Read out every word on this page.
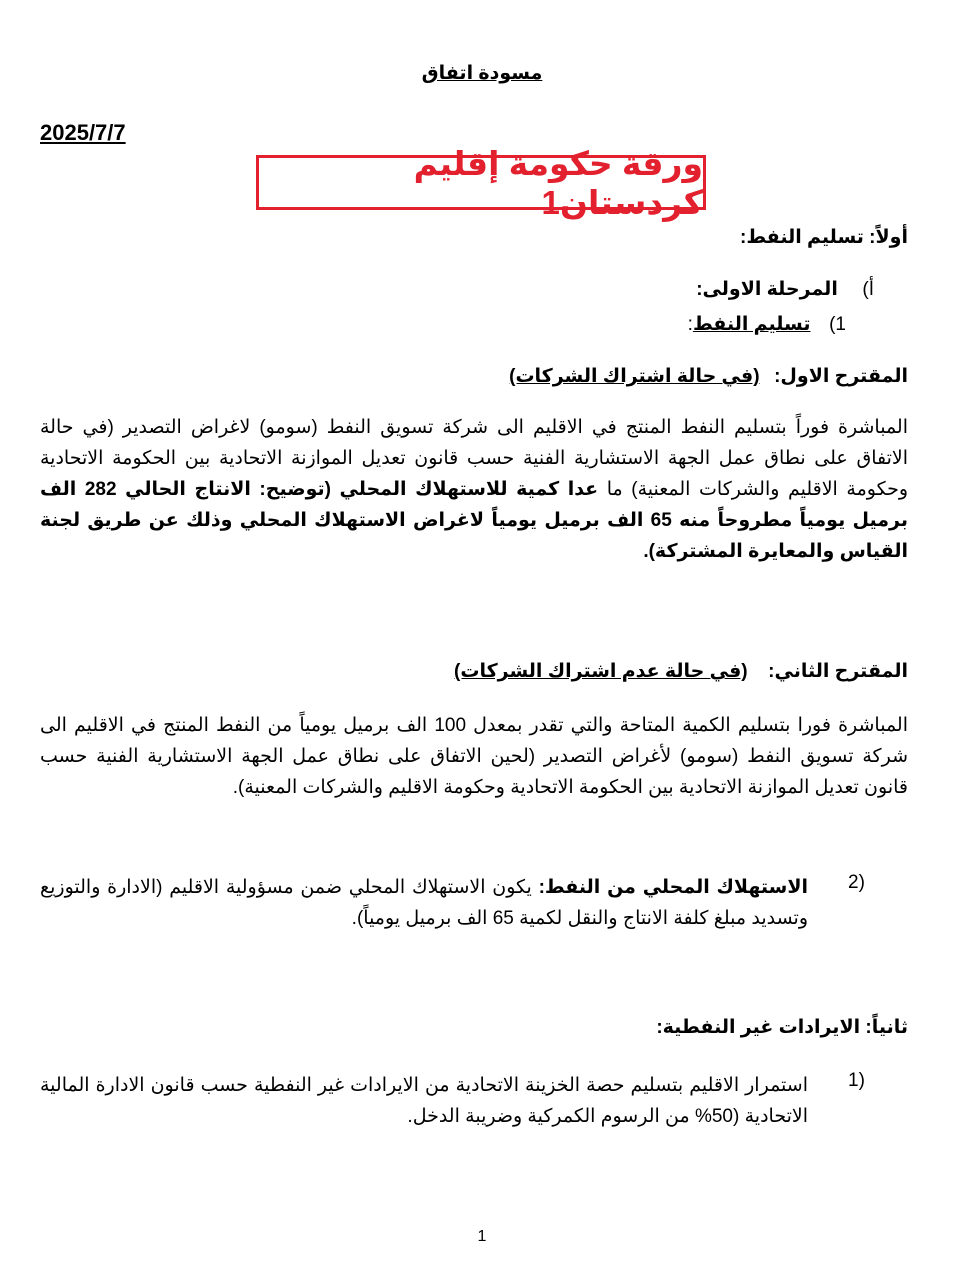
مسودة اتفاق
2025/7/7
ورقة حكومة إقليم كردستان1
أولاً: تسليم النفط:
أ)  المرحلة الاولى:
1)  تسليم النفط:
المقترح الاول:  (في حالة اشتراك الشركات)
المباشرة فوراً بتسليم النفط المنتج في الاقليم الى شركة تسويق النفط (سومو) لاغراض التصدير (في حالة الاتفاق على نطاق عمل الجهة الاستشارية الفنية حسب قانون تعديل الموازنة الاتحادية بين الحكومة الاتحادية وحكومة الاقليم والشركات المعنية) ما عدا كمية للاستهلاك المحلي (توضيح: الانتاج الحالي 282 الف برميل يومياً مطروحاً منه 65 الف برميل يومياً لاغراض الاستهلاك المحلي وذلك عن طريق لجنة القياس والمعايرة المشتركة).
المقترح الثاني:  (في حالة عدم اشتراك الشركات)
المباشرة فورا بتسليم الكمية المتاحة والتي تقدر بمعدل 100 الف برميل يومياً من النفط المنتج في الاقليم الى شركة تسويق النفط (سومو) لأغراض التصدير (لحين الاتفاق على نطاق عمل الجهة الاستشارية الفنية حسب قانون تعديل الموازنة الاتحادية بين الحكومة الاتحادية وحكومة الاقليم والشركات المعنية).
2)
الاستهلاك المحلي من النفط: يكون الاستهلاك المحلي ضمن مسؤولية الاقليم (الادارة والتوزيع وتسديد مبلغ كلفة الانتاج والنقل لكمية 65 الف برميل يومياً).
ثانياً: الايرادات غير النفطية:
1)
استمرار الاقليم بتسليم حصة الخزينة الاتحادية من الايرادات غير النفطية حسب قانون الادارة المالية الاتحادية (50% من الرسوم الكمركية وضريبة الدخل.
1
